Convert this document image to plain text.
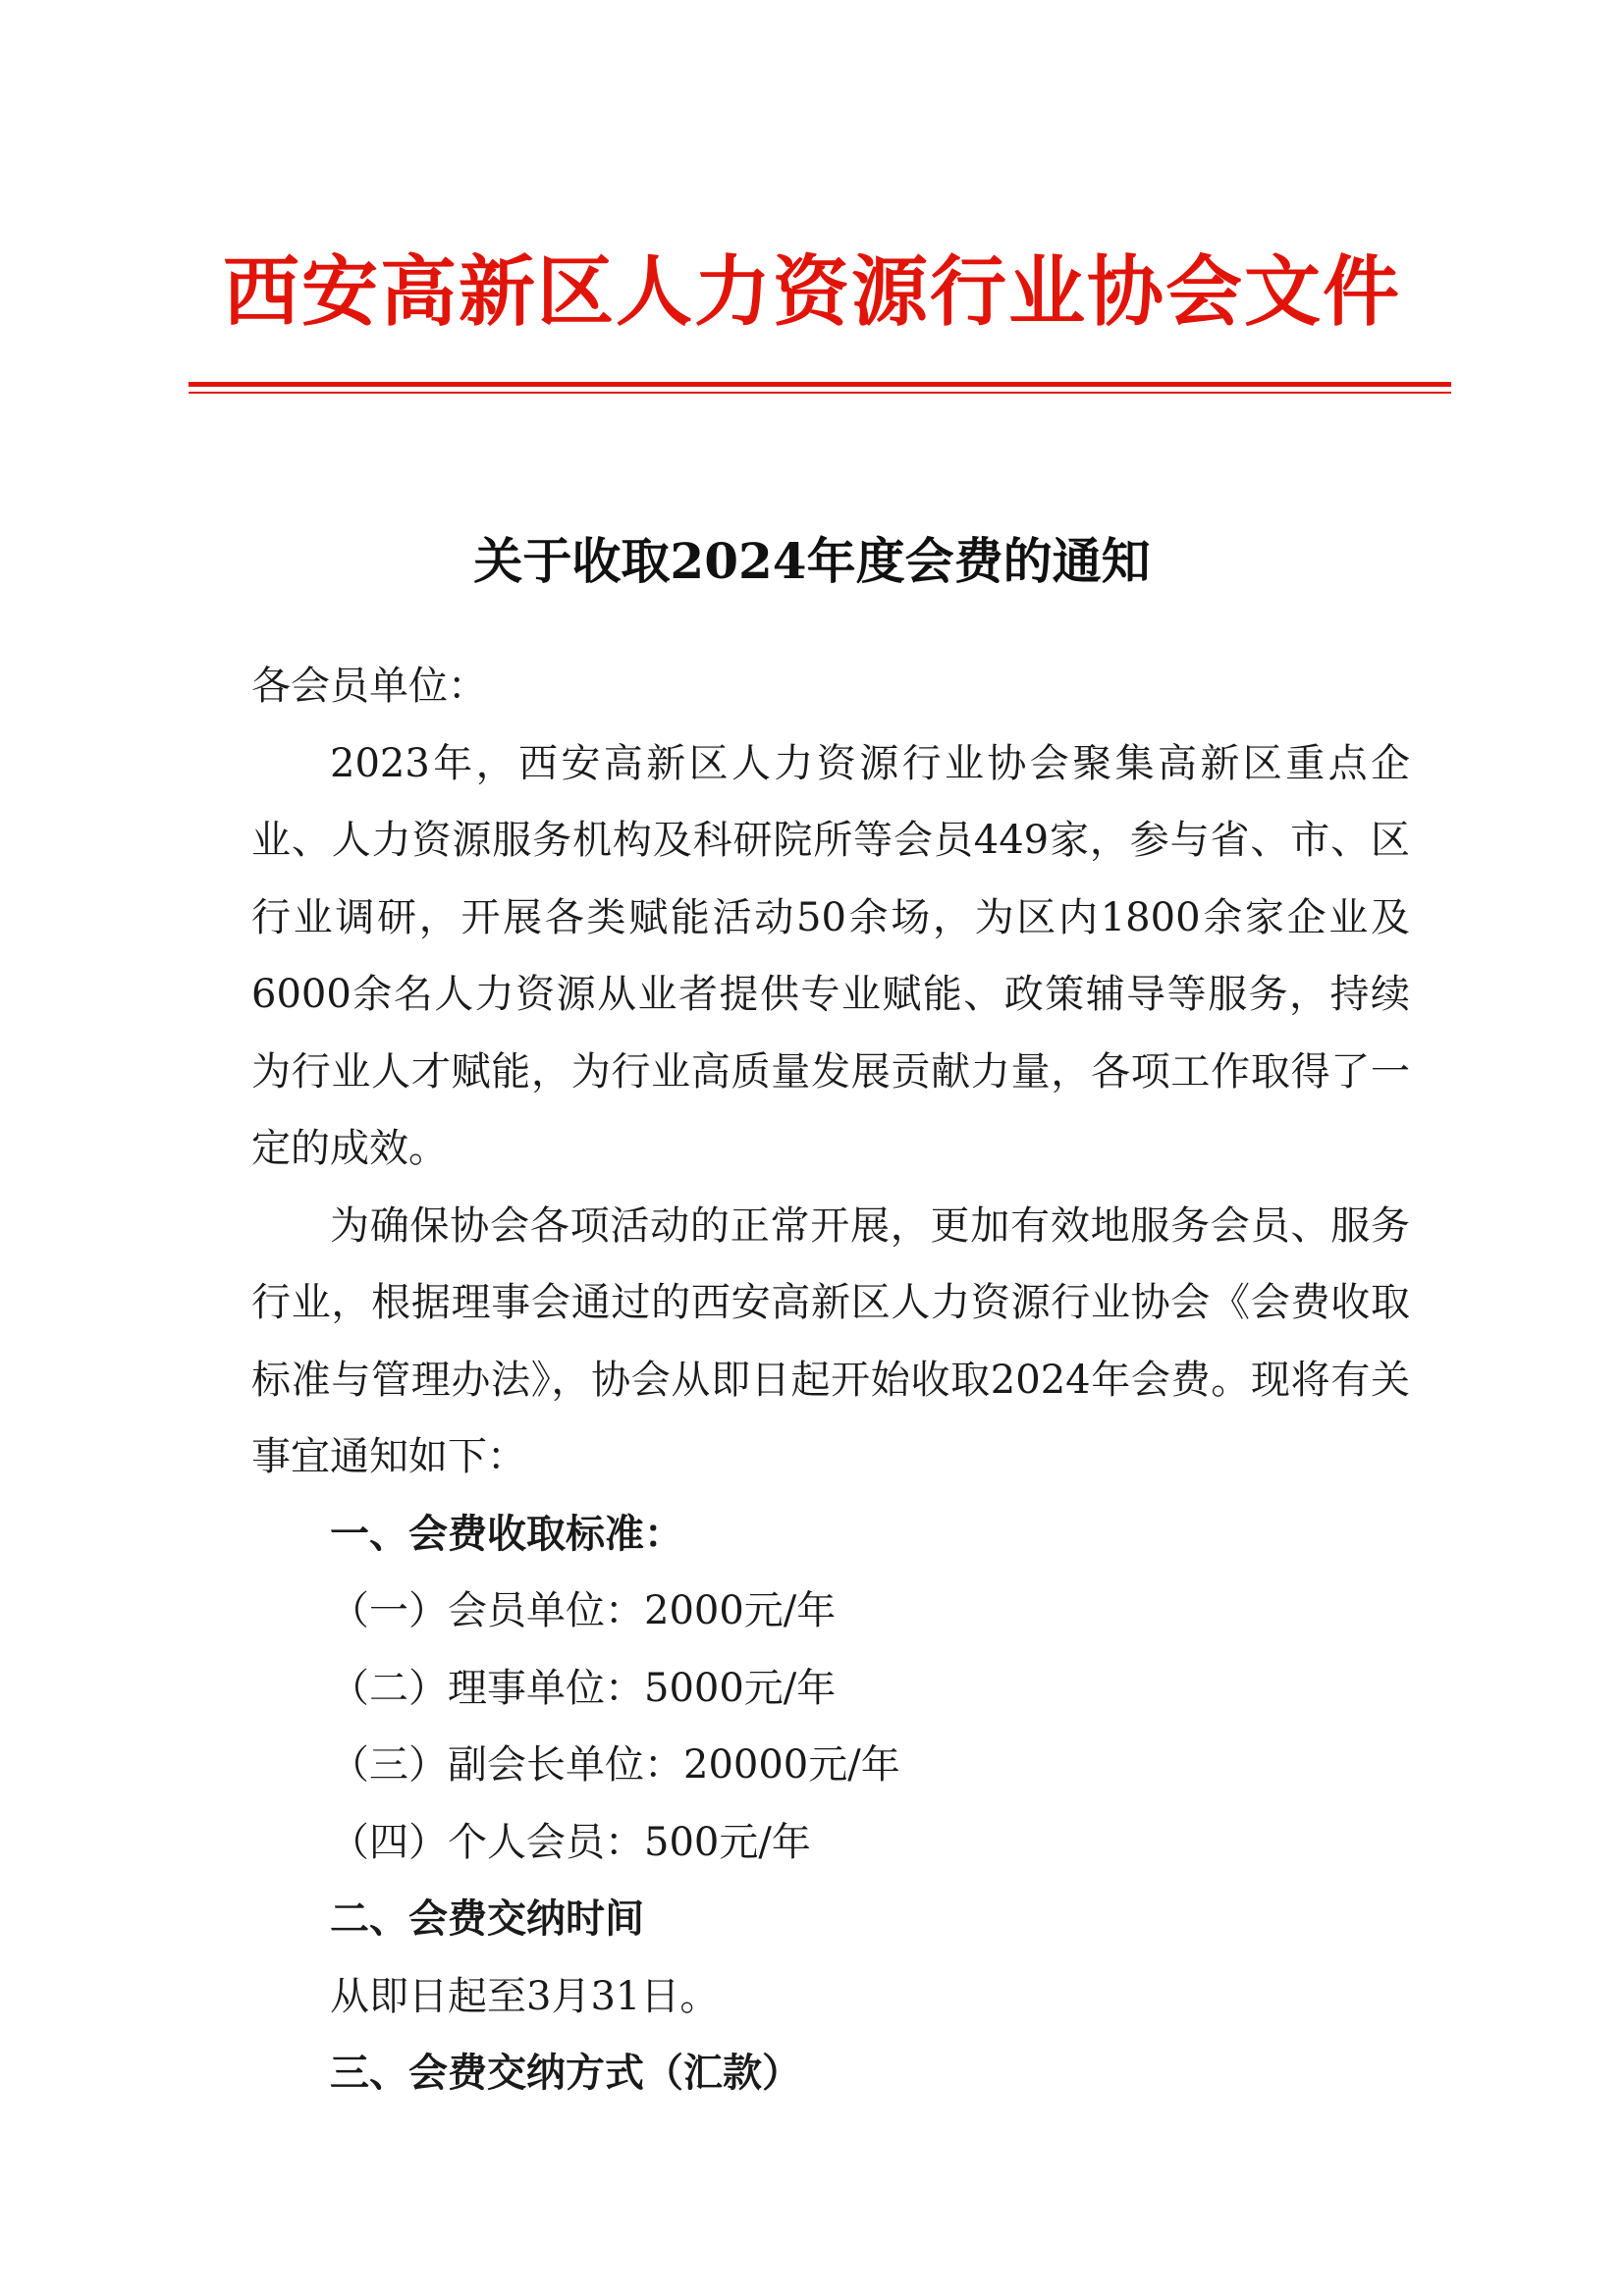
西安高新区人力资源行业协会文件
关于收取2024年度会费的通知

各会员单位：

2023年，西安高新区人力资源行业协会聚集高新区重点企业、人力资源服务机构及科研院所等会员449家，参与省、市、区行业调研，开展各类赋能活动50余场，为区内1800余家企业及6000余名人力资源从业者提供专业赋能、政策辅导等服务，持续为行业人才赋能，为行业高质量发展贡献力量，各项工作取得了一定的成效。

为确保协会各项活动的正常开展，更加有效地服务会员、服务行业，根据理事会通过的西安高新区人力资源行业协会《会费收取标准与管理办法》，协会从即日起开始收取2024年会费。现将有关事宜通知如下：

一、会费收取标准：

（一）会员单位：2000元/年

（二）理事单位：5000元/年

（三）副会长单位：20000元/年

（四）个人会员：500元/年

二、会费交纳时间

从即日起至3月31日。

三、会费交纳方式（汇款）
